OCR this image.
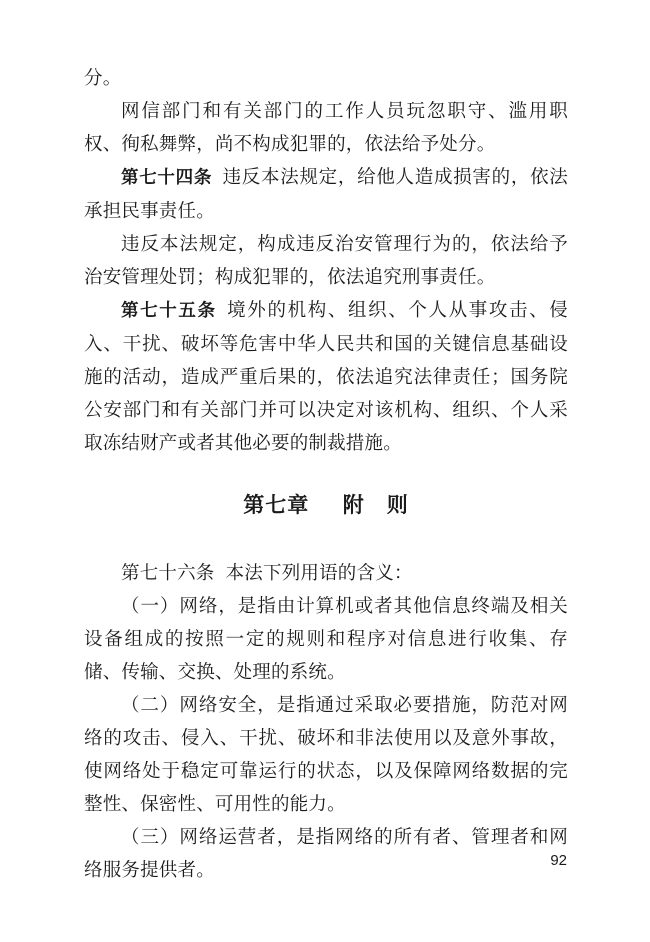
分。

网信部门和有关部门的工作人员玩忽职守、滥用职权、徇私舞弊，尚不构成犯罪的，依法给予处分。

第七十四条 违反本法规定，给他人造成损害的，依法承担民事责任。

违反本法规定，构成违反治安管理行为的，依法给予治安管理处罚；构成犯罪的，依法追究刑事责任。

第七十五条 境外的机构、组织、个人从事攻击、侵入、干扰、破坏等危害中华人民共和国的关键信息基础设施的活动，造成严重后果的，依法追究法律责任；国务院公安部门和有关部门并可以决定对该机构、组织、个人采取冻结财产或者其他必要的制裁措施。

第七章 附　则

第七十六条 本法下列用语的含义：

（一）网络，是指由计算机或者其他信息终端及相关设备组成的按照一定的规则和程序对信息进行收集、存储、传输、交换、处理的系统。

（二）网络安全，是指通过采取必要措施，防范对网络的攻击、侵入、干扰、破坏和非法使用以及意外事故，使网络处于稳定可靠运行的状态，以及保障网络数据的完整性、保密性、可用性的能力。

（三）网络运营者，是指网络的所有者、管理者和网络服务提供者。	92
